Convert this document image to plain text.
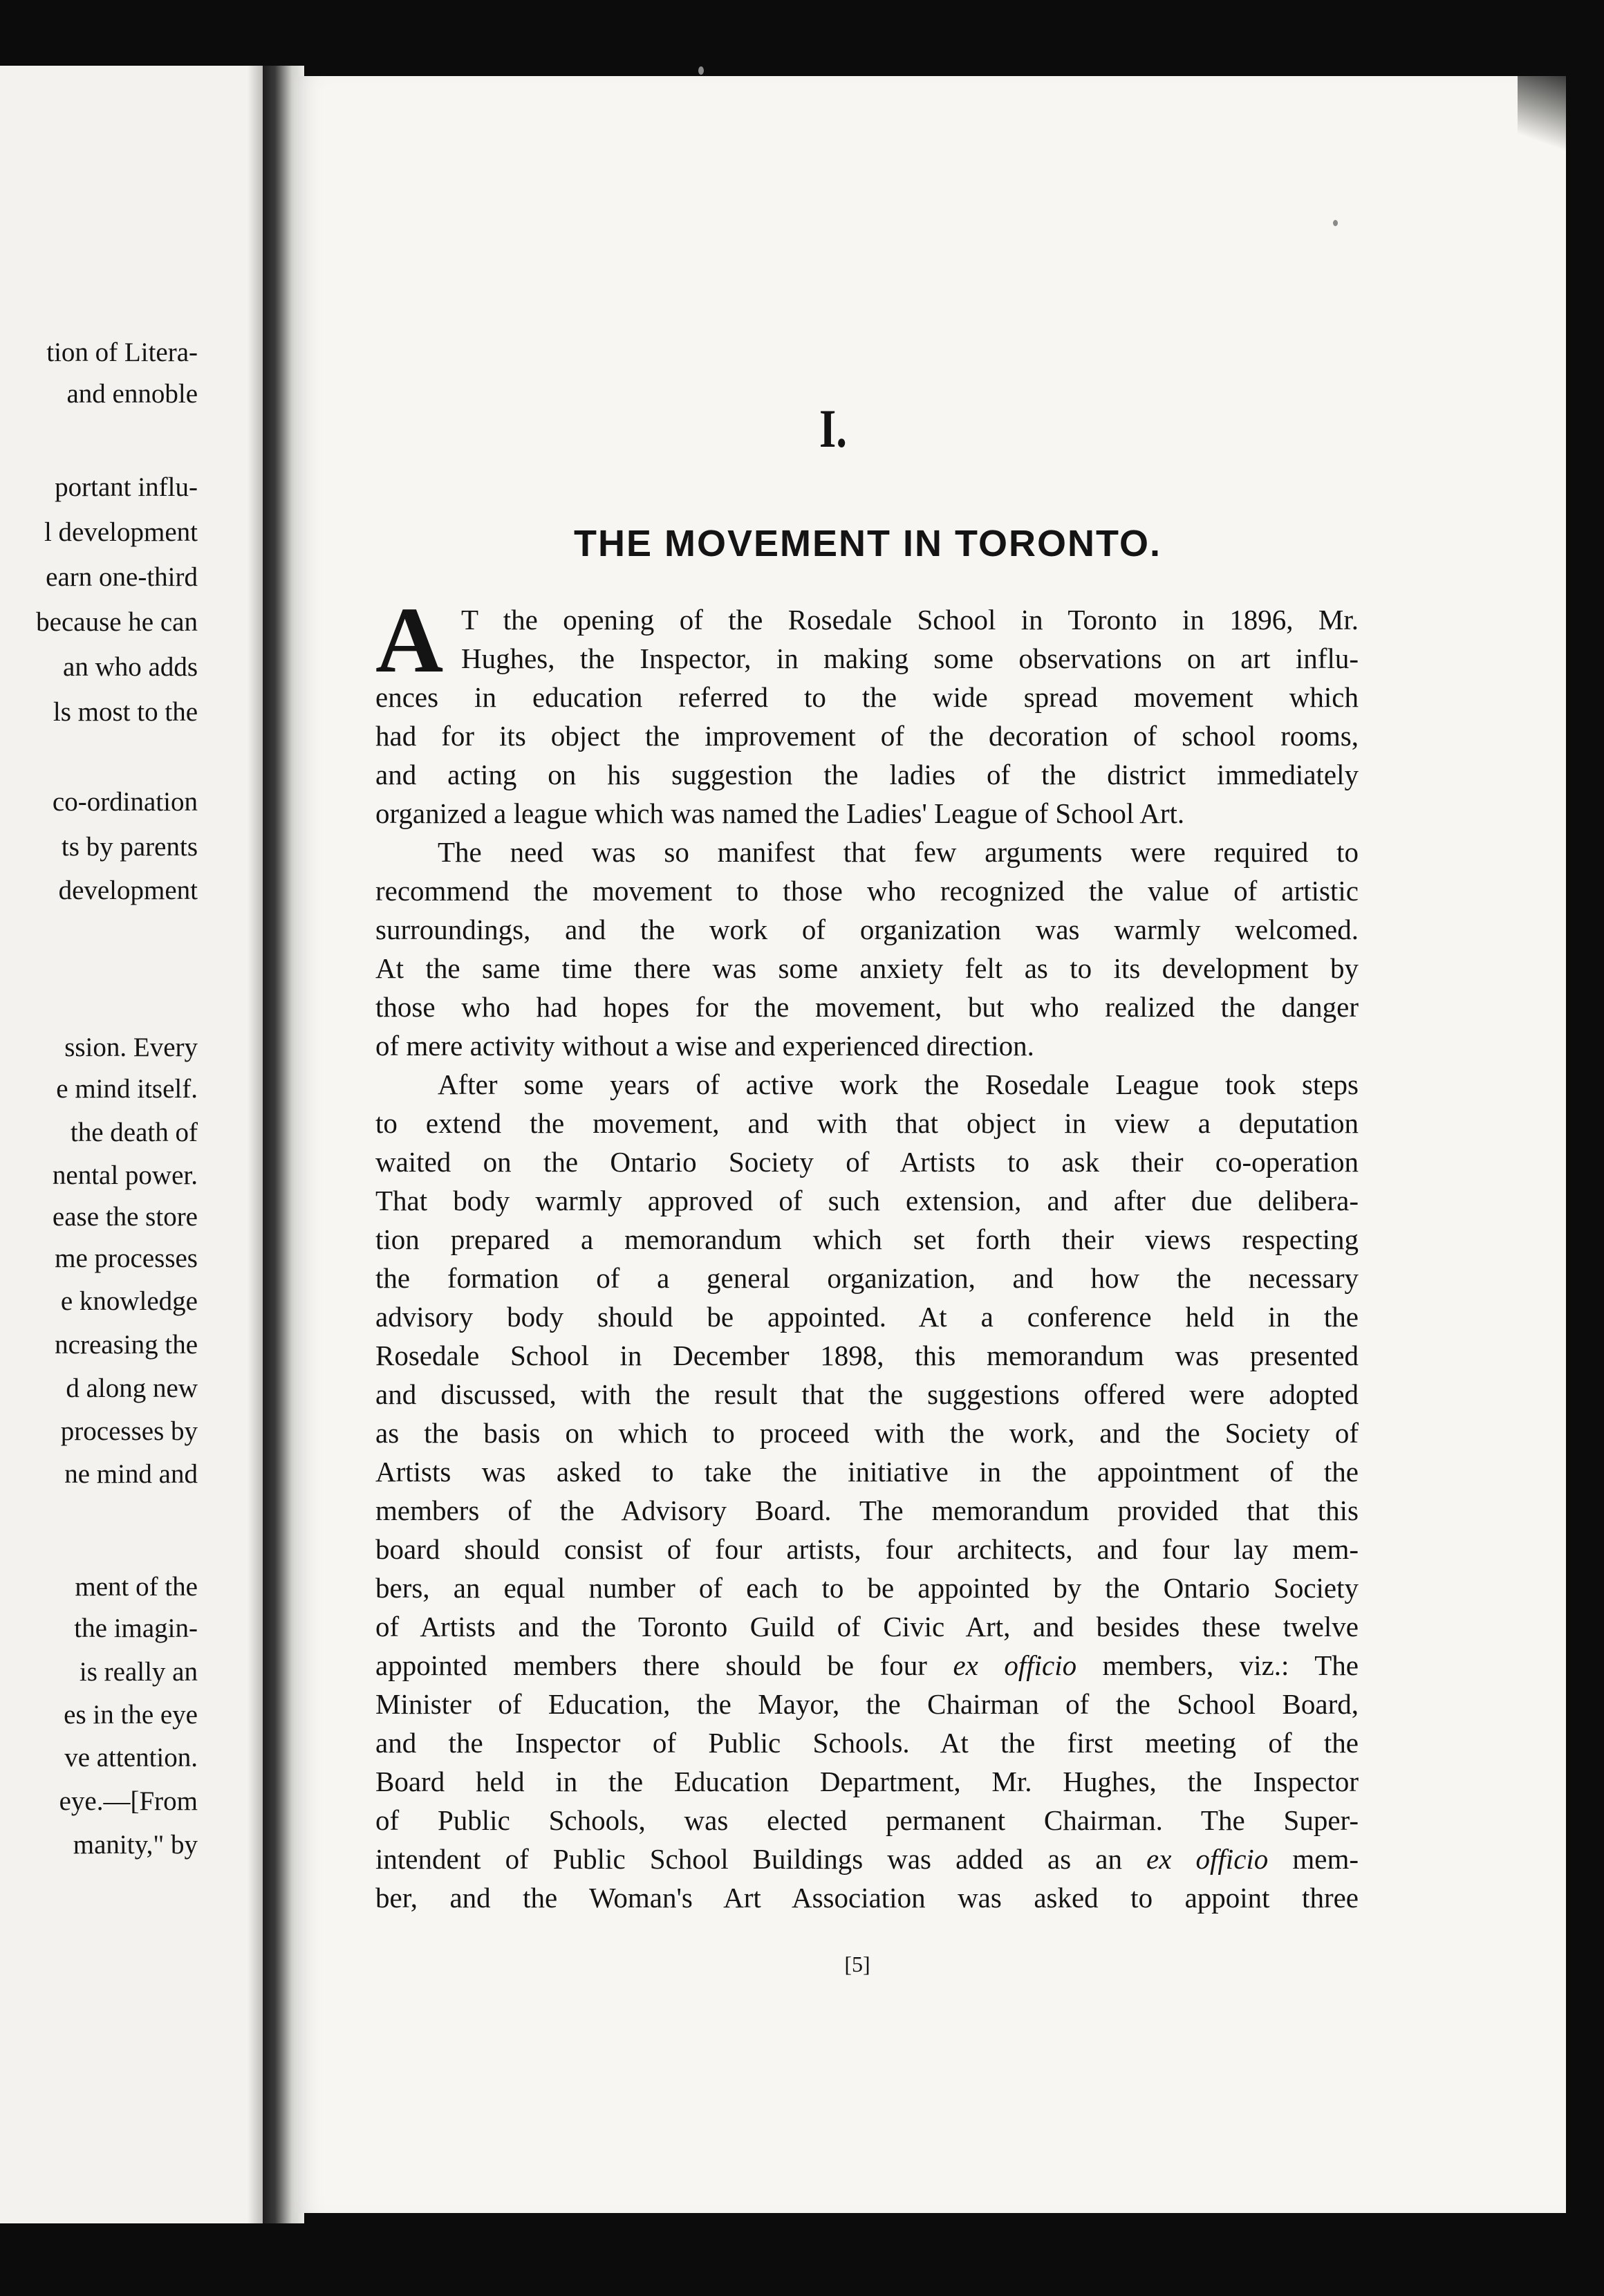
tion of Litera-
and ennoble
portant influ-
l development
earn one-third
because he can
an who adds
ls most to the
co-ordination
ts by parents
development
ssion. Every
e mind itself.
the death of
nental power.
ease the store
me processes
e knowledge
ncreasing the
d along new
processes by
ne mind and
ment of the
the imagin-
is really an
es in the eye
ve attention.
eye.—[From
manity," by
I.
THE MOVEMENT IN TORONTO.
A T the opening of the Rosedale School in Toronto in 1896, Mr.
Hughes, the Inspector, in making some observations on art influ-
ences in education referred to the wide spread movement which
had for its object the improvement of the decoration of school rooms,
and acting on his suggestion the ladies of the district immediately
organized a league which was named the Ladies' League of School Art.
The need was so manifest that few arguments were required to
recommend the movement to those who recognized the value of artistic
surroundings, and the work of organization was warmly welcomed.
At the same time there was some anxiety felt as to its development by
those who had hopes for the movement, but who realized the danger
of mere activity without a wise and experienced direction.
After some years of active work the Rosedale League took steps
to extend the movement, and with that object in view a deputation
waited on the Ontario Society of Artists to ask their co-operation
That body warmly approved of such extension, and after due delibera-
tion prepared a memorandum which set forth their views respecting
the formation of a general organization, and how the necessary
advisory body should be appointed. At a conference held in the
Rosedale School in December 1898, this memorandum was presented
and discussed, with the result that the suggestions offered were adopted
as the basis on which to proceed with the work, and the Society of
Artists was asked to take the initiative in the appointment of the
members of the Advisory Board. The memorandum provided that this
board should consist of four artists, four architects, and four lay mem-
bers, an equal number of each to be appointed by the Ontario Society
of Artists and the Toronto Guild of Civic Art, and besides these twelve
appointed members there should be four ex officio members, viz.: The
Minister of Education, the Mayor, the Chairman of the School Board,
and the Inspector of Public Schools. At the first meeting of the
Board held in the Education Department, Mr. Hughes, the Inspector
of Public Schools, was elected permanent Chairman. The Super-
intendent of Public School Buildings was added as an ex officio mem-
ber, and the Woman's Art Association was asked to appoint three
[5]
